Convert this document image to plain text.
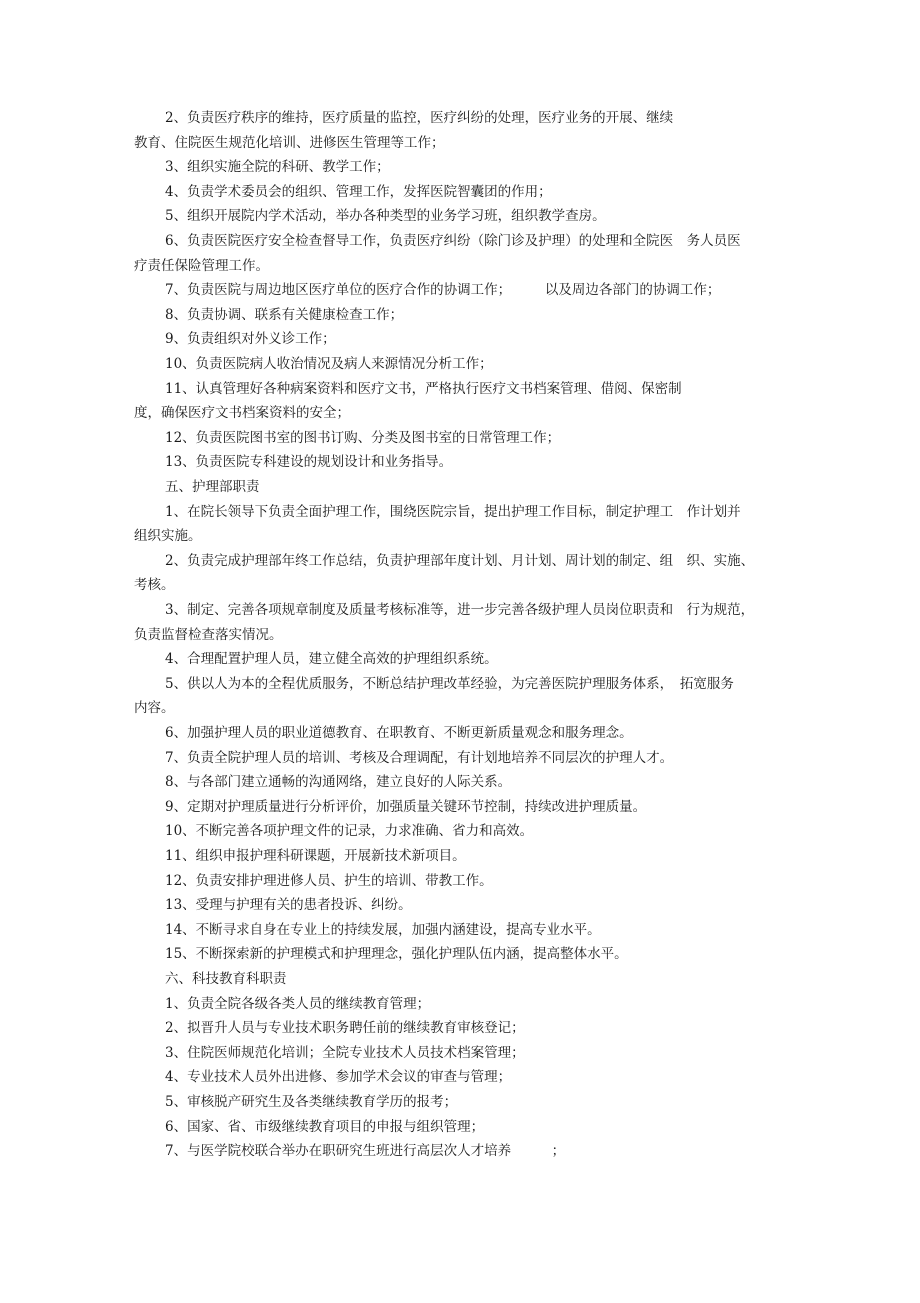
2、负责医疗秩序的维持，医疗质量的监控，医疗纠纷的处理，医疗业务的开展、继续
教育、住院医生规范化培训、进修医生管理等工作；
3、组织实施全院的科研、教学工作；
4、负责学术委员会的组织、管理工作，发挥医院智囊团的作用；
5、组织开展院内学术活动，举办各种类型的业务学习班，组织教学查房。
6、负责医院医疗安全检查督导工作，负责医疗纠纷（除门诊及护理）的处理和全院医　务人员医
疗责任保险管理工作。
7、负责医院与周边地区医疗单位的医疗合作的协调工作；　　　以及周边各部门的协调工作；
8、负责协调、联系有关健康检查工作；
9、负责组织对外义诊工作；
10、负责医院病人收治情况及病人来源情况分析工作；
11、认真管理好各种病案资料和医疗文书，严格执行医疗文书档案管理、借阅、保密制
度，确保医疗文书档案资料的安全；
12、负责医院图书室的图书订购、分类及图书室的日常管理工作；
13、负责医院专科建设的规划设计和业务指导。
五、护理部职责
1、在院长领导下负责全面护理工作，围绕医院宗旨，提出护理工作目标，制定护理工　作计划并
组织实施。
2、负责完成护理部年终工作总结，负责护理部年度计划、月计划、周计划的制定、组　织、实施、
考核。
3、制定、完善各项规章制度及质量考核标准等，进一步完善各级护理人员岗位职责和　行为规范，
负责监督检查落实情况。
4、合理配置护理人员，建立健全高效的护理组织系统。
5、供以人为本的全程优质服务，不断总结护理改革经验，为完善医院护理服务体系，　拓宽服务
内容。
6、加强护理人员的职业道德教育、在职教育、不断更新质量观念和服务理念。
7、负责全院护理人员的培训、考核及合理调配，有计划地培养不同层次的护理人才。
8、与各部门建立通畅的沟通网络，建立良好的人际关系。
9、定期对护理质量进行分析评价，加强质量关键环节控制，持续改进护理质量。
10、不断完善各项护理文件的记录，力求准确、省力和高效。
11、组织申报护理科研课题，开展新技术新项目。
12、负责安排护理进修人员、护生的培训、带教工作。
13、受理与护理有关的患者投诉、纠纷。
14、不断寻求自身在专业上的持续发展，加强内涵建设，提高专业水平。
15、不断探索新的护理模式和护理理念，强化护理队伍内涵，提高整体水平。
六、科技教育科职责
1、负责全院各级各类人员的继续教育管理；
2、拟晋升人员与专业技术职务聘任前的继续教育审核登记；
3、住院医师规范化培训；全院专业技术人员技术档案管理；
4、专业技术人员外出进修、参加学术会议的审查与管理；
5、审核脱产研究生及各类继续教育学历的报考；
6、国家、省、市级继续教育项目的申报与组织管理；
7、与医学院校联合举办在职研究生班进行高层次人才培养　　　；
